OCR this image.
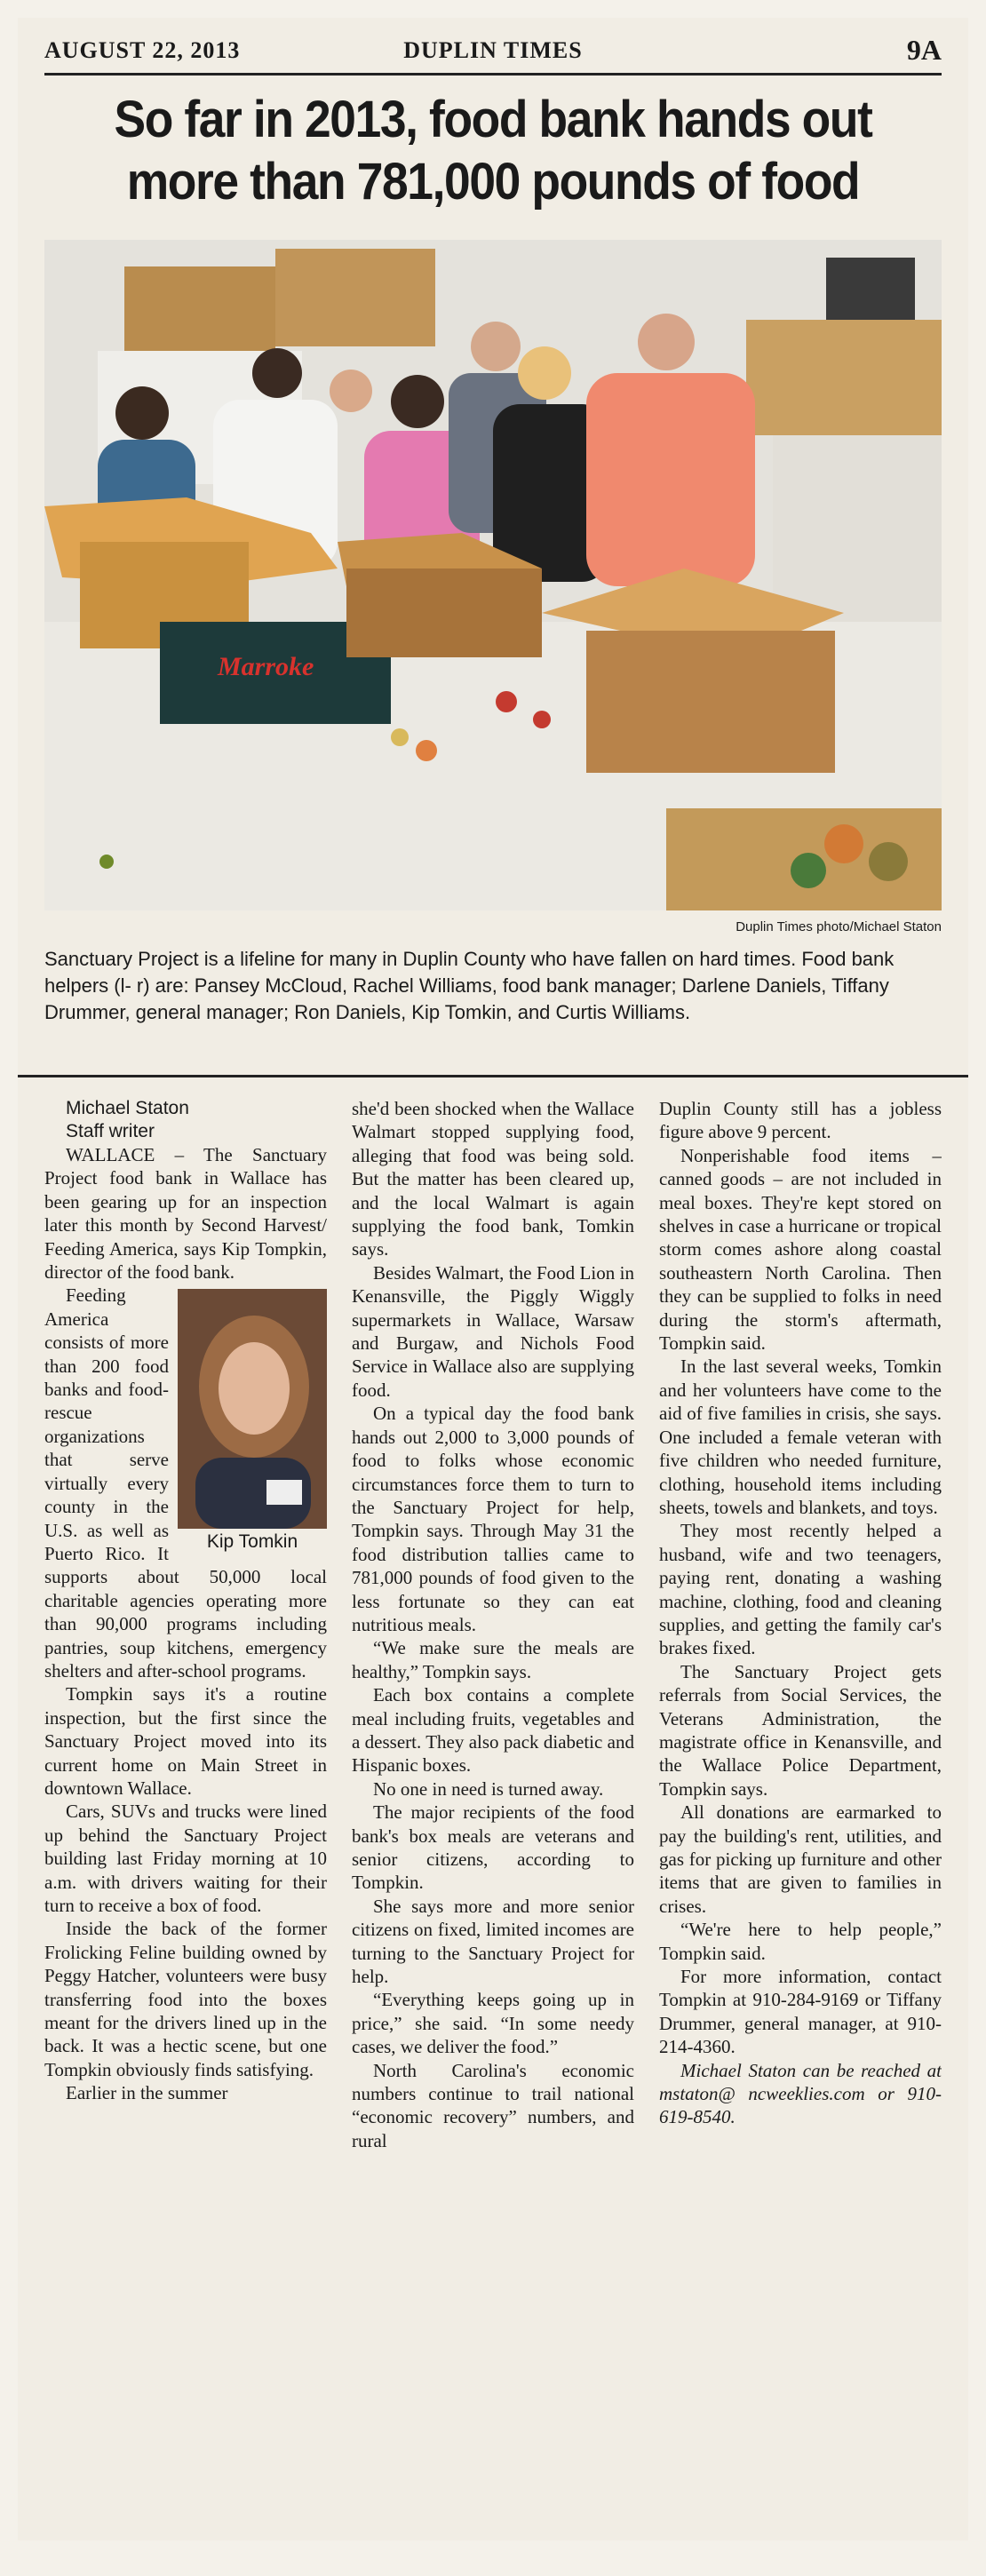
AUGUST 22, 2013	DUPLIN TIMES	9A
So far in 2013, food bank hands out
more than 781,000 pounds of food
Marroke
Duplin Times photo/Michael Staton
Sanctuary Project is a lifeline for many in Duplin County who have fallen on hard times. Food bank helpers (l- r) are: Pansey McCloud, Rachel Williams, food bank manager; Darlene Daniels, Tiffany Drummer, general manager; Ron Daniels, Kip Tomkin, and Curtis Williams.

Michael Staton

Staff writer

WALLACE – The Sanctuary Project food bank in Wallace has been gearing up for an inspection later this month by Second Harvest/ Feeding America, says Kip Tompkin, director of the food bank.

Kip Tomkin

Feeding America consists of more than 200 food banks and food-rescue organizations that serve virtually every county in the U.S. as well as Puerto Rico. It supports about 50,000 local charitable agencies operating more than 90,000 programs including pantries, soup kitchens, emergency shelters and after-school programs.

Tompkin says it's a routine inspection, but the first since the Sanctuary Project moved into its current home on Main Street in downtown Wallace.

Cars, SUVs and trucks were lined up behind the Sanctuary Project building last Friday morning at 10 a.m. with drivers waiting for their turn to receive a box of food.

Inside the back of the former Frolicking Feline building owned by Peggy Hatcher, volunteers were busy transferring food into the boxes meant for the drivers lined up in the back. It was a hectic scene, but one Tompkin obviously finds satisfying.

Earlier in the summer

she'd been shocked when the Wallace Walmart stopped supplying food, alleging that food was being sold. But the matter has been cleared up, and the local Walmart is again supplying the food bank, Tomkin says.

Besides Walmart, the Food Lion in Kenansville, the Piggly Wiggly supermarkets in Wallace, Warsaw and Burgaw, and Nichols Food Service in Wallace also are supplying food.

On a typical day the food bank hands out 2,000 to 3,000 pounds of food to folks whose economic circumstances force them to turn to the Sanctuary Project for help, Tompkin says. Through May 31 the food distribution tallies came to 781,000 pounds of food given to the less fortunate so they can eat nutritious meals.

“We make sure the meals are healthy,” Tompkin says.

Each box contains a complete meal including fruits, vegetables and a dessert. They also pack diabetic and Hispanic boxes.

No one in need is turned away.

The major recipients of the food bank's box meals are veterans and senior citizens, according to Tompkin.

She says more and more senior citizens on fixed, limited incomes are turning to the Sanctuary Project for help.

“Everything keeps going up in price,” she said. “In some needy cases, we deliver the food.”

North Carolina's economic numbers continue to trail national “economic recovery” numbers, and rural

Duplin County still has a jobless figure above 9 percent.

Nonperishable food items – canned goods – are not included in meal boxes. They're kept stored on shelves in case a hurricane or tropical storm comes ashore along coastal southeastern North Carolina. Then they can be supplied to folks in need during the storm's aftermath, Tompkin said.

In the last several weeks, Tomkin and her volunteers have come to the aid of five families in crisis, she says. One included a female veteran with five children who needed furniture, clothing, household items including sheets, towels and blankets, and toys.

They most recently helped a husband, wife and two teenagers, paying rent, donating a washing machine, clothing, food and cleaning supplies, and getting the family car's brakes fixed.

The Sanctuary Project gets referrals from Social Services, the Veterans Administration, the magistrate office in Kenansville, and the Wallace Police Department, Tompkin says.

All donations are earmarked to pay the building's rent, utilities, and gas for picking up furniture and other items that are given to families in crises.

“We're here to help people,” Tompkin said.

For more information, contact Tompkin at 910-284-9169 or Tiffany Drummer, general manager, at 910-214-4360.

Michael Staton can be reached at mstaton@ ncweeklies.com or 910-619-8540.
